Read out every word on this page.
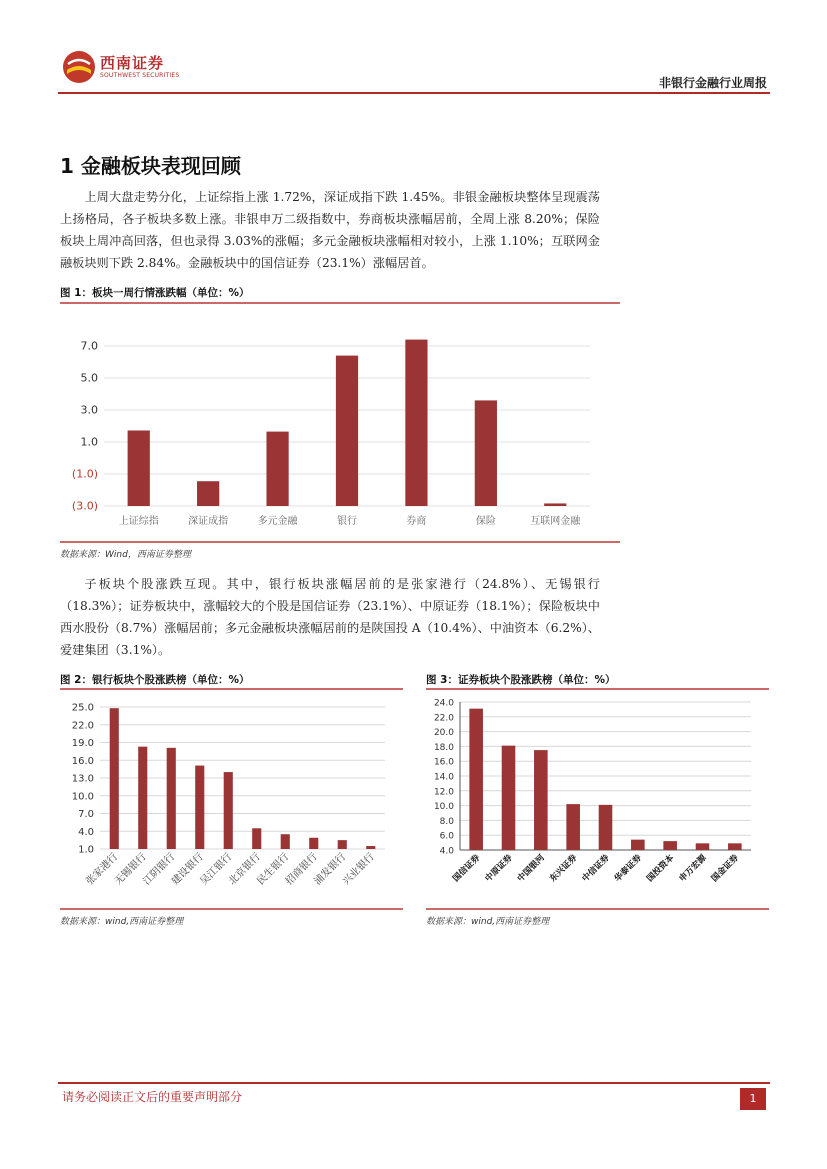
西南证券
SOUTHWEST SECURITIES
非银行金融行业周报
1 金融板块表现回顾
上周大盘走势分化，上证综指上涨 1.72%，深证成指下跌 1.45%。非银金融板块整体呈现震荡上扬格局，各子板块多数上涨。非银申万二级指数中，券商板块涨幅居前，全周上涨 8.20%；保险板块上周冲高回落，但也录得 3.03%的涨幅；多元金融板块涨幅相对较小，上涨 1.10%；互联网金融板块则下跌 2.84%。金融板块中的国信证券（23.1%）涨幅居首。
图 1：板块一周行情涨跌幅（单位：%）
(3.0)
(1.0)
1.0
3.0
5.0
7.0
上证综指	深证成指	多元金融	银行	券商	保险	互联网金融
数据来源：Wind，西南证券整理
子板块个股涨跌互现。其中，银行板块涨幅居前的是张家港行（24.8%）、无锡银行（18.3%）；证券板块中，涨幅较大的个股是国信证券（23.1%）、中原证券（18.1%）；保险板块中西水股份（8.7%）涨幅居前；多元金融板块涨幅居前的是陕国投 A（10.4%）、中油资本（6.2%）、爱建集团（3.1%）。
图 2：银行板块个股涨跌榜（单位：%）
1.0
4.0
7.0
10.0
13.0
16.0
19.0
22.0
25.0
张家港行
无锡银行
江阴银行
建设银行
吴江银行
北京银行
民生银行
招商银行
浦发银行
兴业银行
数据来源：wind,西南证券整理
图 3：证券板块个股涨跌榜（单位：%）
4.0
6.0
8.0
10.0
12.0
14.0
16.0
18.0
20.0
22.0
24.0
国信证券 中原证券 中国银河 东兴证券 中信证券 华泰证券 国投资本 申万宏源 国金证券
数据来源：wind,西南证券整理
请务必阅读正文后的重要声明部分	1
